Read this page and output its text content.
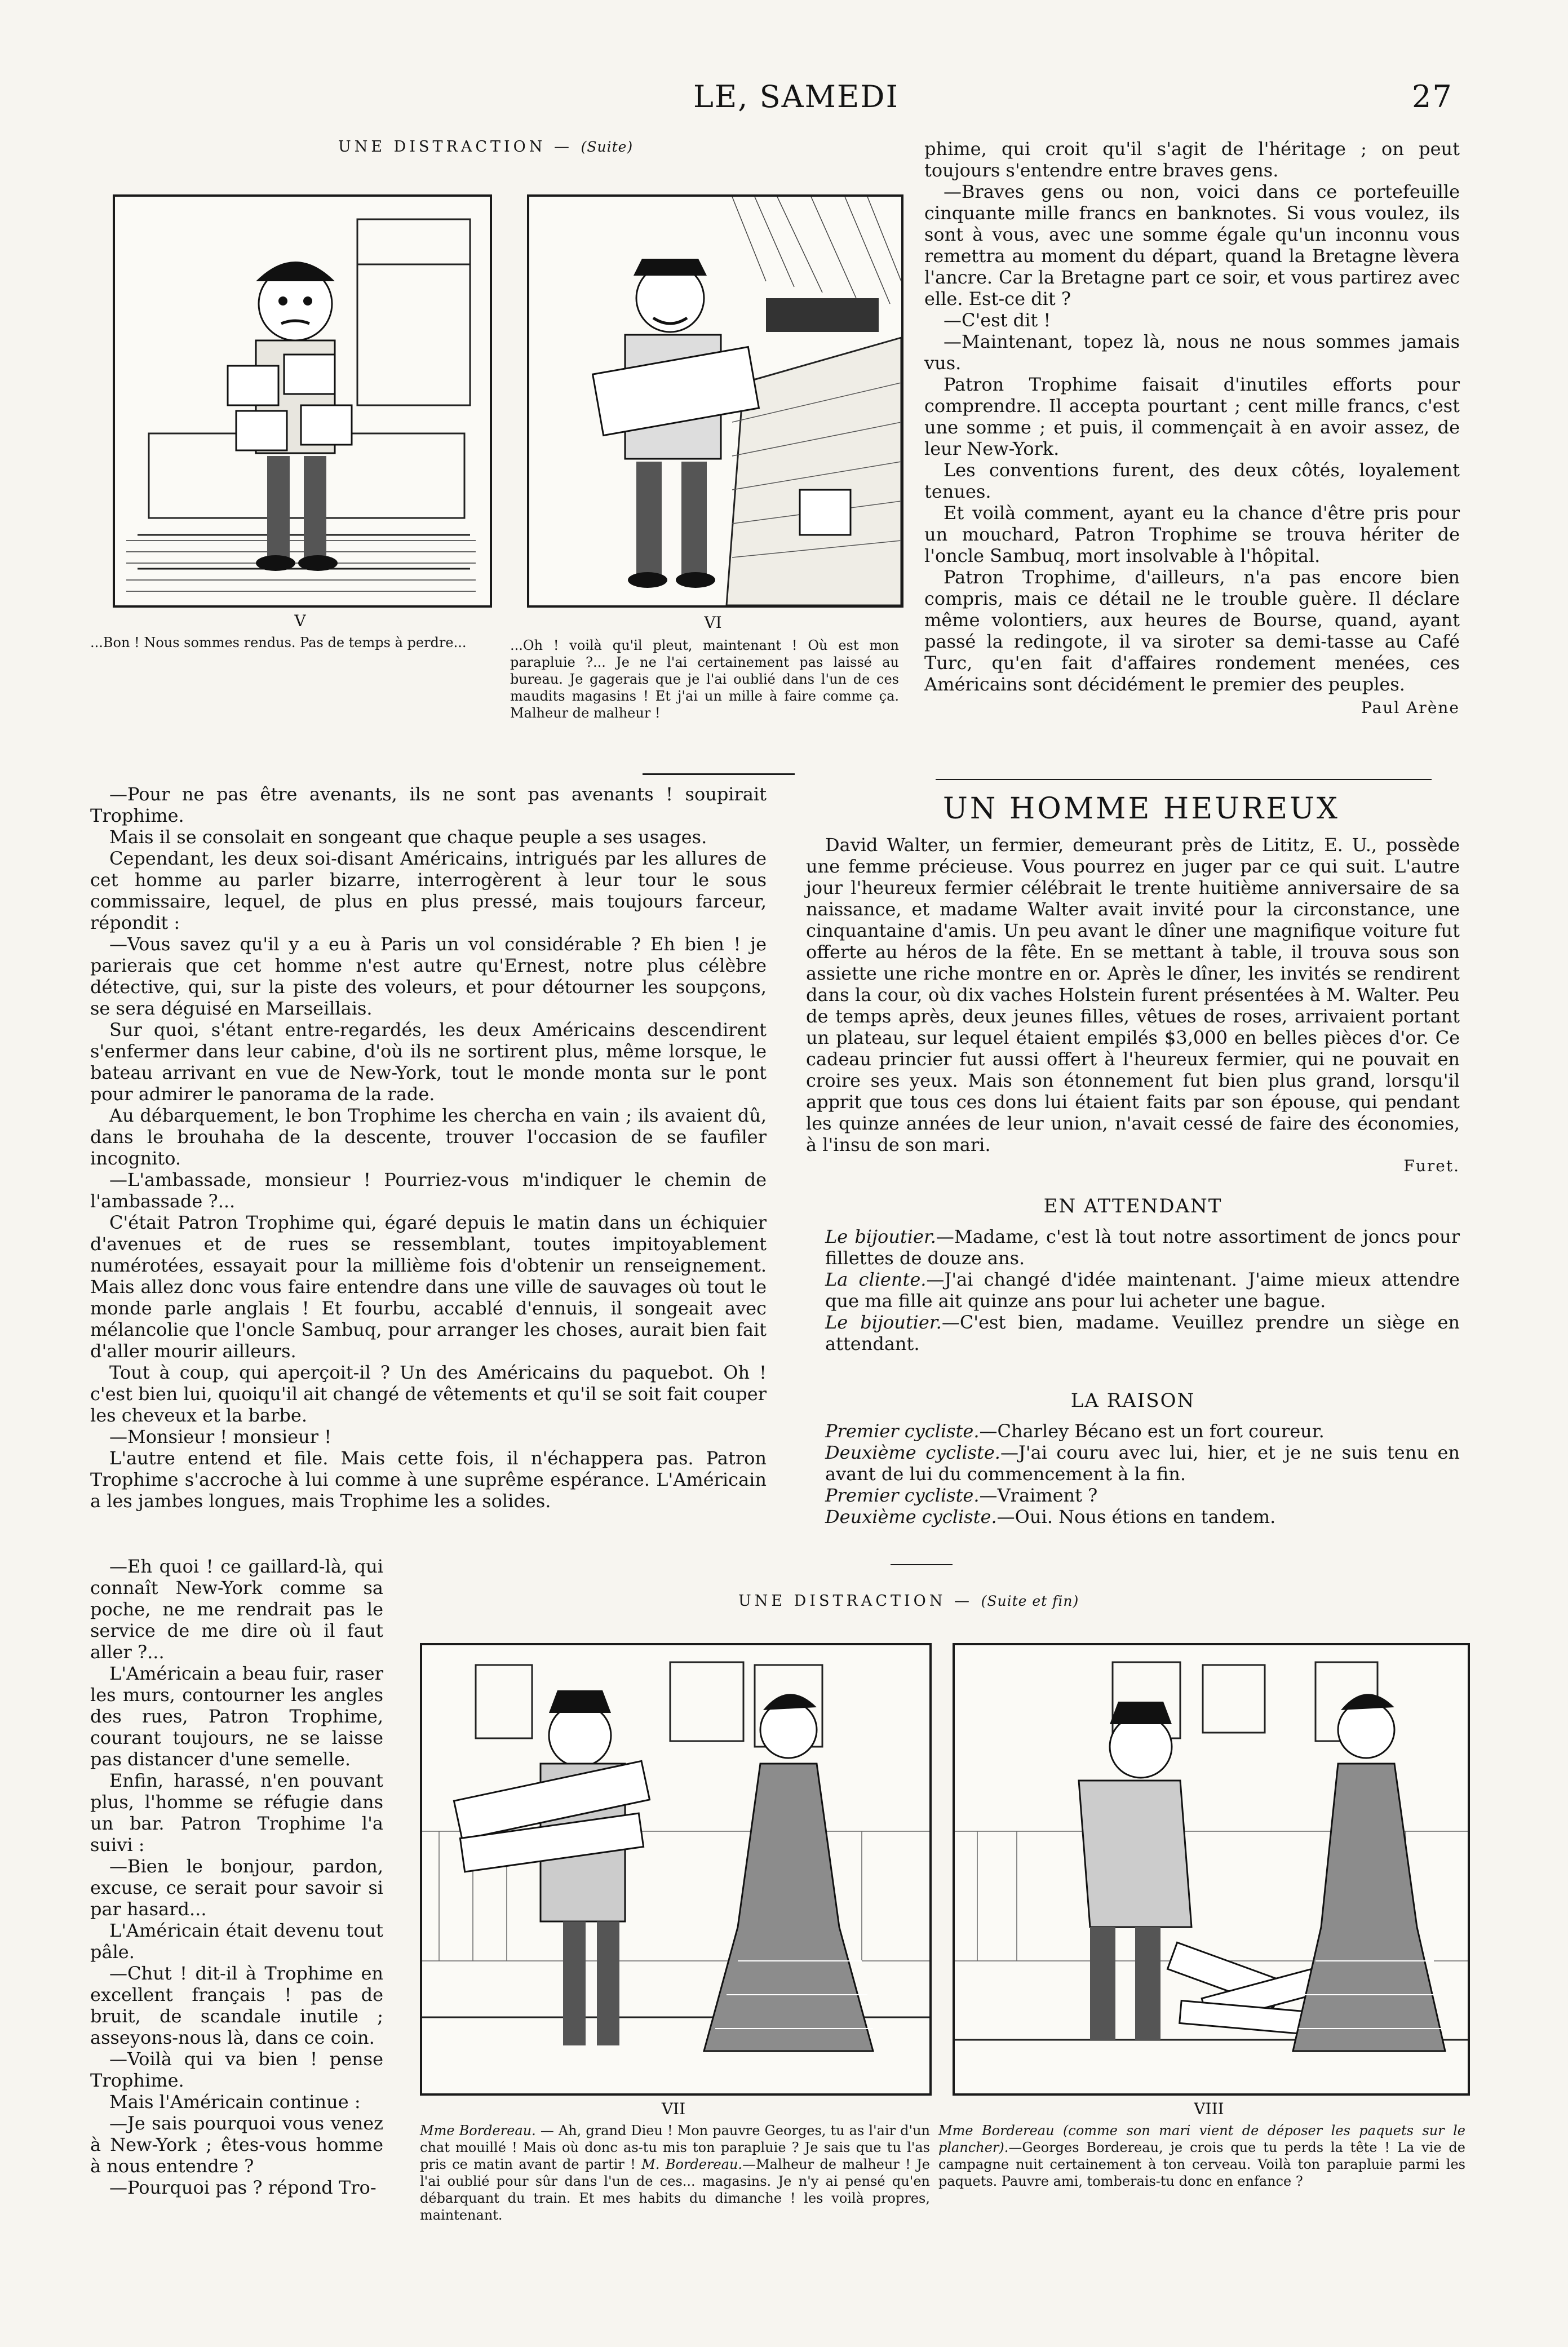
LE, SAMEDI	27
UNE DISTRACTION — (Suite)
V
...Bon ! Nous sommes rendus. Pas de temps à perdre...
VI
...Oh ! voilà qu'il pleut, maintenant ! Où est mon parapluie ?... Je ne l'ai certainement pas laissé au bureau. Je gagerais que je l'ai oublié dans l'un de ces maudits magasins ! Et j'ai un mille à faire comme ça. Malheur de malheur !

phime, qui croit qu'il s'agit de l'héritage ; on peut toujours s'entendre entre braves gens.

—Braves gens ou non, voici dans ce portefeuille cinquante mille francs en banknotes. Si vous voulez, ils sont à vous, avec une somme égale qu'un inconnu vous remettra au moment du départ, quand la Bretagne lèvera l'ancre. Car la Bretagne part ce soir, et vous partirez avec elle. Est-ce dit ?

—C'est dit !

—Maintenant, topez là, nous ne nous sommes jamais vus.

Patron Trophime faisait d'inutiles efforts pour comprendre. Il accepta pourtant ; cent mille francs, c'est une somme ; et puis, il commençait à en avoir assez, de leur New-York.

Les conventions furent, des deux côtés, loyalement tenues.

Et voilà comment, ayant eu la chance d'être pris pour un mouchard, Patron Trophime se trouva hériter de l'oncle Sambuq, mort insolvable à l'hôpital.

Patron Trophime, d'ailleurs, n'a pas encore bien compris, mais ce détail ne le trouble guère. Il déclare même volontiers, aux heures de Bourse, quand, ayant passé la redingote, il va siroter sa demi-tasse au Café Turc, qu'en fait d'affaires rondement menées, ces Américains sont décidément le premier des peuples.

Paul Arène
UN HOMME HEUREUX

David Walter, un fermier, demeurant près de Lititz, E. U., possède une femme précieuse. Vous pourrez en juger par ce qui suit. L'autre jour l'heureux fermier célébrait le trente huitième anniversaire de sa naissance, et madame Walter avait invité pour la circonstance, une cinquantaine d'amis. Un peu avant le dîner une magnifique voiture fut offerte au héros de la fête. En se mettant à table, il trouva sous son assiette une riche montre en or. Après le dîner, les invités se rendirent dans la cour, où dix vaches Holstein furent présentées à M. Walter. Peu de temps après, deux jeunes filles, vêtues de roses, arrivaient portant un plateau, sur lequel étaient empilés $3,000 en belles pièces d'or. Ce cadeau princier fut aussi offert à l'heureux fermier, qui ne pouvait en croire ses yeux. Mais son étonnement fut bien plus grand, lorsqu'il apprit que tous ces dons lui étaient faits par son épouse, qui pendant les quinze années de leur union, n'avait cessé de faire des économies, à l'insu de son mari.

Furet.
EN ATTENDANT

Le bijoutier.—Madame, c'est là tout notre assortiment de joncs pour fillettes de douze ans.

La cliente.—J'ai changé d'idée maintenant. J'aime mieux attendre que ma fille ait quinze ans pour lui acheter une bague.

Le bijoutier.—C'est bien, madame. Veuillez prendre un siège en attendant.

LA RAISON

Premier cycliste.—Charley Bécano est un fort coureur.

Deuxième cycliste.—J'ai couru avec lui, hier, et je ne suis tenu en avant de lui du commencement à la fin.

Premier cycliste.—Vraiment ?

Deuxième cycliste.—Oui. Nous étions en tandem.

—Pour ne pas être avenants, ils ne sont pas avenants ! soupirait Trophime.

Mais il se consolait en songeant que chaque peuple a ses usages.

Cependant, les deux soi-disant Américains, intrigués par les allures de cet homme au parler bizarre, interrogèrent à leur tour le sous commissaire, lequel, de plus en plus pressé, mais toujours farceur, répondit :

—Vous savez qu'il y a eu à Paris un vol considérable ? Eh bien ! je parierais que cet homme n'est autre qu'Ernest, notre plus célèbre détective, qui, sur la piste des voleurs, et pour détourner les soupçons, se sera déguisé en Marseillais.

Sur quoi, s'étant entre-regardés, les deux Américains descendirent s'enfermer dans leur cabine, d'où ils ne sortirent plus, même lorsque, le bateau arrivant en vue de New-York, tout le monde monta sur le pont pour admirer le panorama de la rade.

Au débarquement, le bon Trophime les chercha en vain ; ils avaient dû, dans le brouhaha de la descente, trouver l'occasion de se faufiler incognito.

—L'ambassade, monsieur ! Pourriez-vous m'indiquer le chemin de l'ambassade ?...

C'était Patron Trophime qui, égaré depuis le matin dans un échiquier d'avenues et de rues se ressemblant, toutes impitoyablement numérotées, essayait pour la millième fois d'obtenir un renseignement. Mais allez donc vous faire entendre dans une ville de sauvages où tout le monde parle anglais ! Et fourbu, accablé d'ennuis, il songeait avec mélancolie que l'oncle Sambuq, pour arranger les choses, aurait bien fait d'aller mourir ailleurs.

Tout à coup, qui aperçoit-il ? Un des Américains du paquebot. Oh ! c'est bien lui, quoiqu'il ait changé de vêtements et qu'il se soit fait couper les cheveux et la barbe.

—Monsieur ! monsieur !

L'autre entend et file. Mais cette fois, il n'échappera pas. Patron Trophime s'accroche à lui comme à une suprême espérance. L'Américain a les jambes longues, mais Trophime les a solides.

—Eh quoi ! ce gaillard-là, qui connaît New-York comme sa poche, ne me rendrait pas le service de me dire où il faut aller ?...

L'Américain a beau fuir, raser les murs, contourner les angles des rues, Patron Trophime, courant toujours, ne se laisse pas distancer d'une semelle.

Enfin, harassé, n'en pouvant plus, l'homme se réfugie dans un bar. Patron Trophime l'a suivi :

—Bien le bonjour, pardon, excuse, ce serait pour savoir si par hasard...

L'Américain était devenu tout pâle.

—Chut ! dit-il à Trophime en excellent français ! pas de bruit, de scandale inutile ; asseyons-nous là, dans ce coin.

—Voilà qui va bien ! pense Trophime.

Mais l'Américain continue :

—Je sais pourquoi vous venez à New-York ; êtes-vous homme à nous entendre ?

—Pourquoi pas ? répond Tro-

UNE DISTRACTION — (Suite et fin)
VII
Mme Bordereau. — Ah, grand Dieu ! Mon pauvre Georges, tu as l'air d'un chat mouillé ! Mais où donc as-tu mis ton parapluie ? Je sais que tu l'as pris ce matin avant de partir ! M. Bordereau.—Malheur de malheur ! Je l'ai oublié pour sûr dans l'un de ces... magasins. Je n'y ai pensé qu'en débarquant du train. Et mes habits du dimanche ! les voilà propres, maintenant.
VIII
Mme Bordereau (comme son mari vient de déposer les paquets sur le plancher).—Georges Bordereau, je crois que tu perds la tête ! La vie de campagne nuit certainement à ton cerveau. Voilà ton parapluie parmi les paquets. Pauvre ami, tomberais-tu donc en enfance ?
